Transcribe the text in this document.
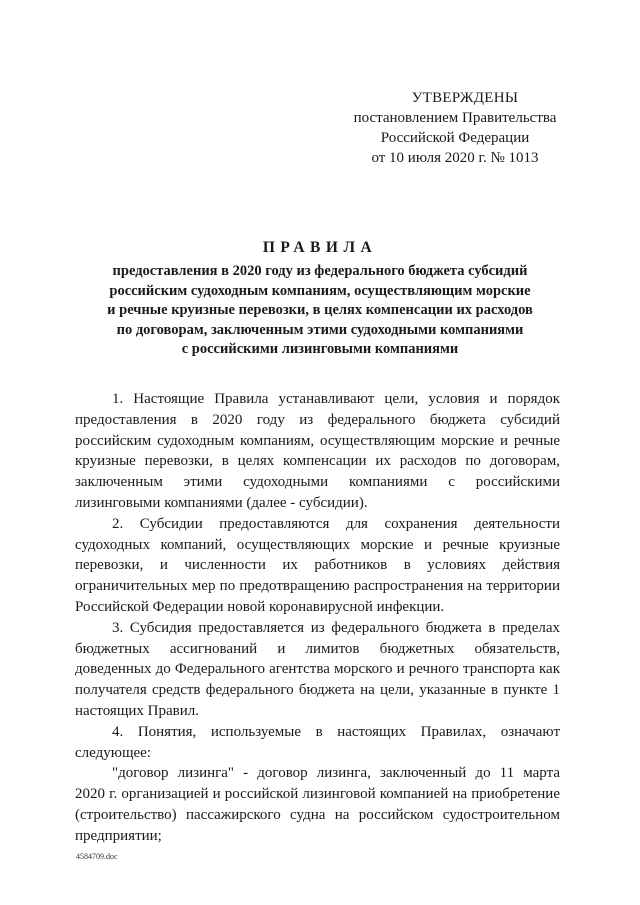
УТВЕРЖДЕНЫ
постановлением Правительства
Российской Федерации
от 10 июля 2020 г. № 1013
ПРАВИЛА
предоставления в 2020 году из федерального бюджета субсидий
российским судоходным компаниям, осуществляющим морские
и речные круизные перевозки, в целях компенсации их расходов
по договорам, заключенным этими судоходными компаниями
с российскими лизинговыми компаниями
1. Настоящие Правила устанавливают цели, условия и порядок
предоставления в 2020 году из федерального бюджета субсидий
российским судоходным компаниям, осуществляющим морские и речные
круизные перевозки, в целях компенсации их расходов по договорам,
заключенным этими судоходными компаниями с российскими
лизинговыми компаниями (далее - субсидии).
2. Субсидии предоставляются для сохранения деятельности
судоходных компаний, осуществляющих морские и речные круизные
перевозки, и численности их работников в условиях действия
ограничительных мер по предотвращению распространения на территории
Российской Федерации новой коронавирусной инфекции.
3. Субсидия предоставляется из федерального бюджета в пределах
бюджетных ассигнований и лимитов бюджетных обязательств,
доведенных до Федерального агентства морского и речного транспорта как
получателя средств федерального бюджета на цели, указанные в пункте 1
настоящих Правил.
4. Понятия, используемые в настоящих Правилах, означают
следующее:
"договор лизинга" - договор лизинга, заключенный до 11 марта
2020 г. организацией и российской лизинговой компанией на приобретение
(строительство) пассажирского судна на российском судостроительном
предприятии;
4584709.doc
